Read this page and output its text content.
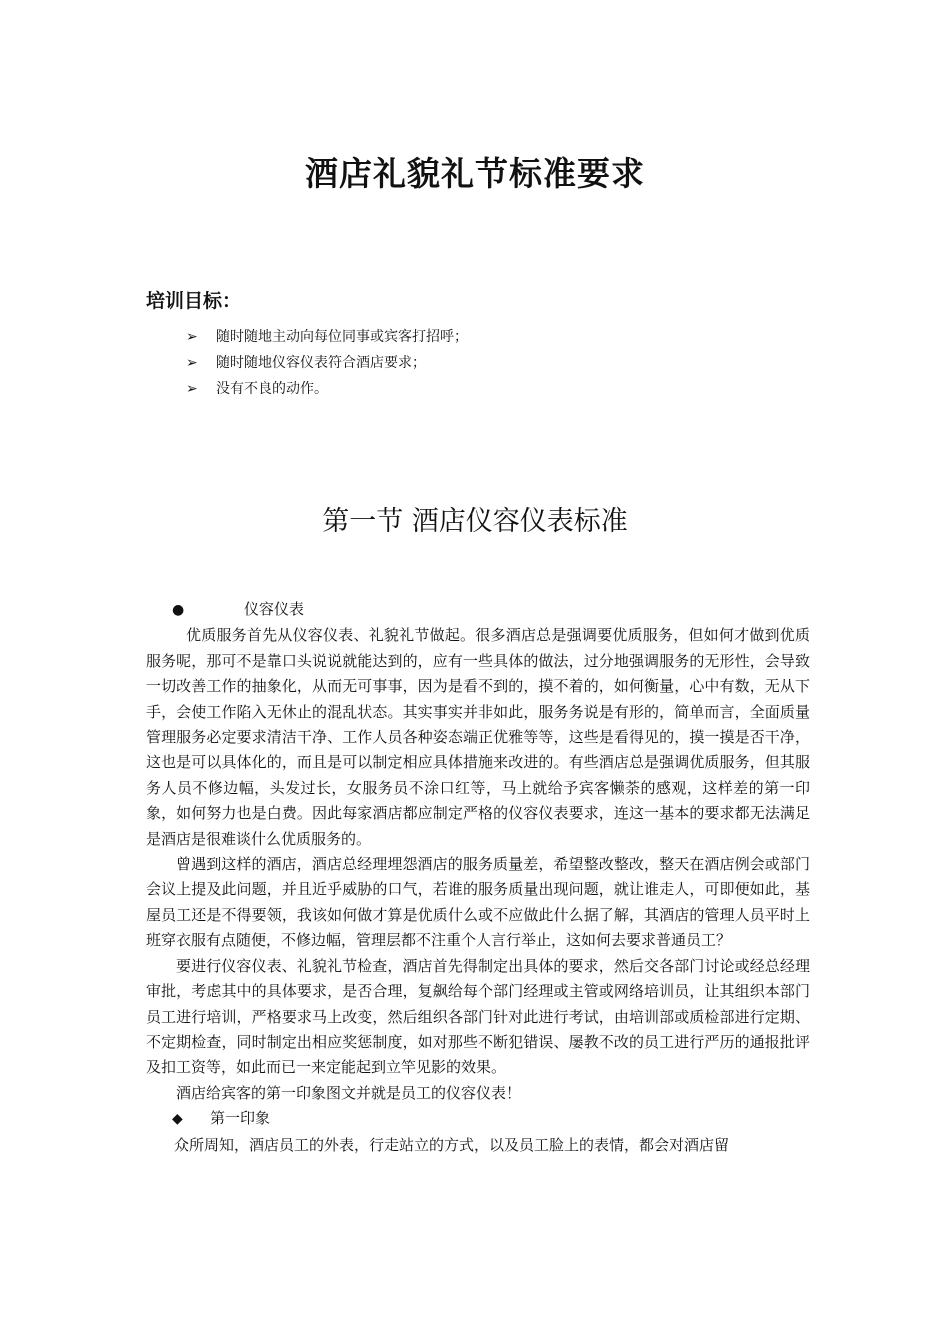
酒店礼貌礼节标准要求
培训目标：
➢ 随时随地主动向每位同事或宾客打招呼；
➢ 随时随地仪容仪表符合酒店要求；
➢ 没有不良的动作。
第一节 酒店仪容仪表标准

●	仪容仪表

优质服务首先从仪容仪表、礼貌礼节做起。很多酒店总是强调要优质服务，但如何才做到优质服务呢，那可不是靠口头说说就能达到的，应有一些具体的做法，过分地强调服务的无形性，会导致一切改善工作的抽象化，从而无可事事，因为是看不到的，摸不着的，如何衡量，心中有数，无从下手，会使工作陷入无休止的混乱状态。其实事实并非如此，服务务说是有形的，简单而言，全面质量管理服务必定要求清洁干净、工作人员各种姿态端正优雅等等，这些是看得见的，摸一摸是否干净，这也是可以具体化的，而且是可以制定相应具体措施来改进的。有些酒店总是强调优质服务，但其服务人员不修边幅，头发过长，女服务员不涂口红等，马上就给予宾客懒荼的感观，这样差的第一印象，如何努力也是白费。因此每家酒店都应制定严格的仪容仪表要求，连这一基本的要求都无法满足是酒店是很难谈什么优质服务的。

曾遇到这样的酒店，酒店总经理埋怨酒店的服务质量差，希望整改整改，整天在酒店例会或部门会议上提及此问题，并且近乎威胁的口气，若谁的服务质量出现问题，就让谁走人，可即便如此，基屋员工还是不得要领，我该如何做才算是优质什么或不应做此什么据了解，其酒店的管理人员平时上班穿衣服有点随便，不修边幅，管理层都不注重个人言行举止，这如何去要求普通员工？

要进行仪容仪表、礼貌礼节检查，酒店首先得制定出具体的要求，然后交各部门讨论或经总经理审批，考虑其中的具体要求，是否合理，复飙给每个部门经理或主管或网络培训员，让其组织本部门员工进行培训，严格要求马上改变，然后组织各部门针对此进行考试，由培训部或质检部进行定期、不定期检查，同时制定出相应奖惩制度，如对那些不断犯错误、屡教不改的员工进行严历的通报批评及扣工资等，如此而已一来定能起到立竿见影的效果。

酒店给宾客的第一印象图文并就是员工的仪容仪表！

◆ 第一印象

众所周知，酒店员工的外表，行走站立的方式，以及员工脸上的表情，都会对酒店留
